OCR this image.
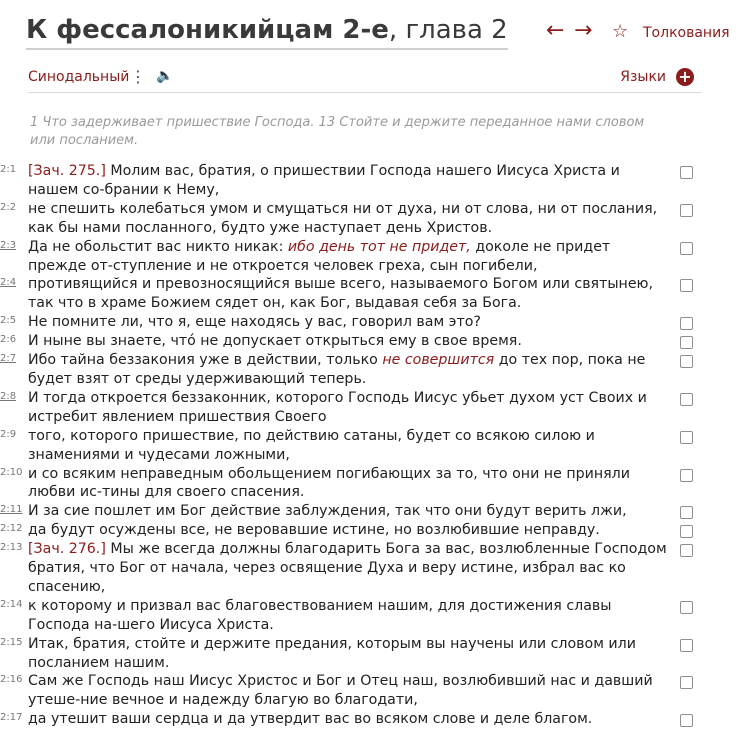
К фессалоникийцам 2-е, глава 2 ← → ☆ Толкования
Синодальный ⋮ 🔈	Языки +
1 Что задерживает пришествие Господа. 13 Стойте и держите переданное нами словом или посланием.
2:1 [Зач. 275.] Молим вас, братия, о пришествии Господа нашего Иисуса Христа и нашем со-брании к Нему,
2:2 не спешить колебаться умом и смущаться ни от духа, ни от слова, ни от послания, как бы нами посланного, будто уже наступает день Христов.
2:3 Да не обольстит вас никто никак: ибо день тот не придет, доколе не придет прежде от-ступление и не откроется человек греха, сын погибели,
2:4 противящийся и превозносящийся выше всего, называемого Богом или святынею, так что в храме Божием сядет он, как Бог, выдавая себя за Бога.
2:5 Не помните ли, что я, еще находясь у вас, говорил вам это?
2:6 И ныне вы знаете, что́ не допускает открыться ему в свое время.
2:7 Ибо тайна беззакония уже в действии, только не совершится до тех пор, пока не будет взят от среды удерживающий теперь.
2:8 И тогда откроется беззаконник, которого Господь Иисус убьет духом уст Своих и истребит явлением пришествия Своего
2:9 того, которого пришествие, по действию сатаны, будет со всякою силою и знамениями и чудесами ложными,
2:10 и со всяким неправедным обольщением погибающих за то, что они не приняли любви ис-тины для своего спасения.
2:11 И за сие пошлет им Бог действие заблуждения, так что они будут верить лжи,
2:12 да будут осуждены все, не веровавшие истине, но возлюбившие неправду.
2:13 [Зач. 276.] Мы же всегда должны благодарить Бога за вас, возлюбленные Господом братия, что Бог от начала, через освящение Духа и веру истине, избрал вас ко спасению,
2:14 к которому и призвал вас благовествованием нашим, для достижения славы Господа на-шего Иисуса Христа.
2:15 Итак, братия, стойте и держите предания, которым вы научены или словом или посланием нашим.
2:16 Сам же Господь наш Иисус Христос и Бог и Отец наш, возлюбивший нас и давший утеше-ние вечное и надежду благую во благодати,
2:17 да утешит ваши сердца и да утвердит вас во всяком слове и деле благом.
